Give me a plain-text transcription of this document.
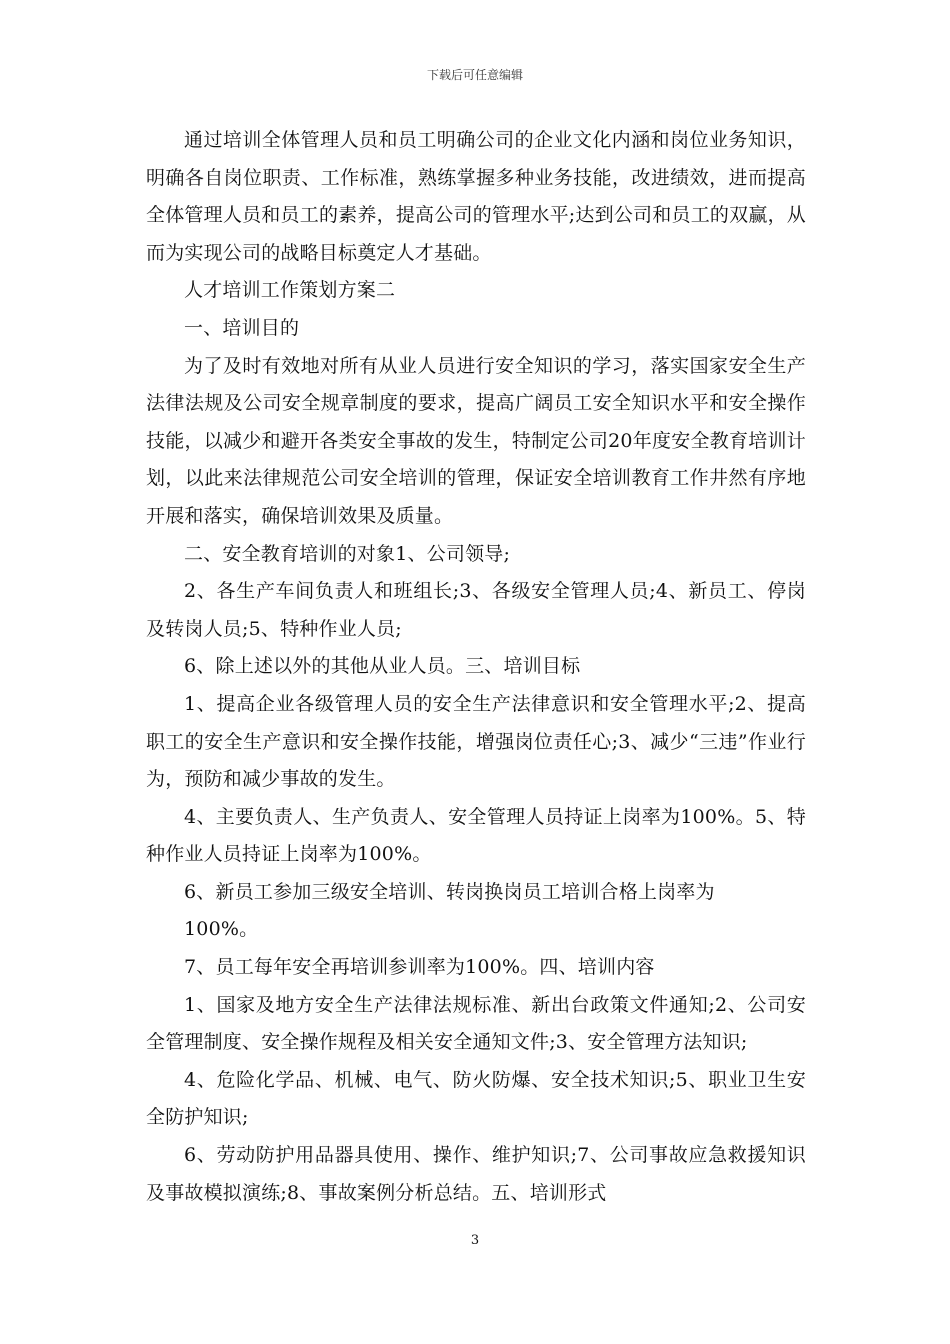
下载后可任意编辑

通过培训全体管理人员和员工明确公司的企业文化内涵和岗位业务知识，明确各自岗位职责、工作标准，熟练掌握多种业务技能，改进绩效，进而提高全体管理人员和员工的素养，提高公司的管理水平;达到公司和员工的双赢，从而为实现公司的战略目标奠定人才基础。

人才培训工作策划方案二

一、培训目的

为了及时有效地对所有从业人员进行安全知识的学习，落实国家安全生产法律法规及公司安全规章制度的要求，提高广阔员工安全知识水平和安全操作技能，以减少和避开各类安全事故的发生，特制定公司20年度安全教育培训计划，以此来法律规范公司安全培训的管理，保证安全培训教育工作井然有序地开展和落实，确保培训效果及质量。

二、安全教育培训的对象1、公司领导;

2、各生产车间负责人和班组长;3、各级安全管理人员;4、新员工、停岗及转岗人员;5、特种作业人员;

6、除上述以外的其他从业人员。三、培训目标

1、提高企业各级管理人员的安全生产法律意识和安全管理水平;2、提高职工的安全生产意识和安全操作技能，增强岗位责任心;3、减少“三违”作业行为，预防和减少事故的发生。

4、主要负责人、生产负责人、安全管理人员持证上岗率为100%。5、特种作业人员持证上岗率为100%。

6、新员工参加三级安全培训、转岗换岗员工培训合格上岗率为

100%。

7、员工每年安全再培训参训率为100%。四、培训内容

1、国家及地方安全生产法律法规标准、新出台政策文件通知;2、公司安全管理制度、安全操作规程及相关安全通知文件;3、安全管理方法知识;

4、危险化学品、机械、电气、防火防爆、安全技术知识;5、职业卫生安全防护知识;

6、劳动防护用品器具使用、操作、维护知识;7、公司事故应急救援知识及事故模拟演练;8、事故案例分析总结。五、培训形式

3
